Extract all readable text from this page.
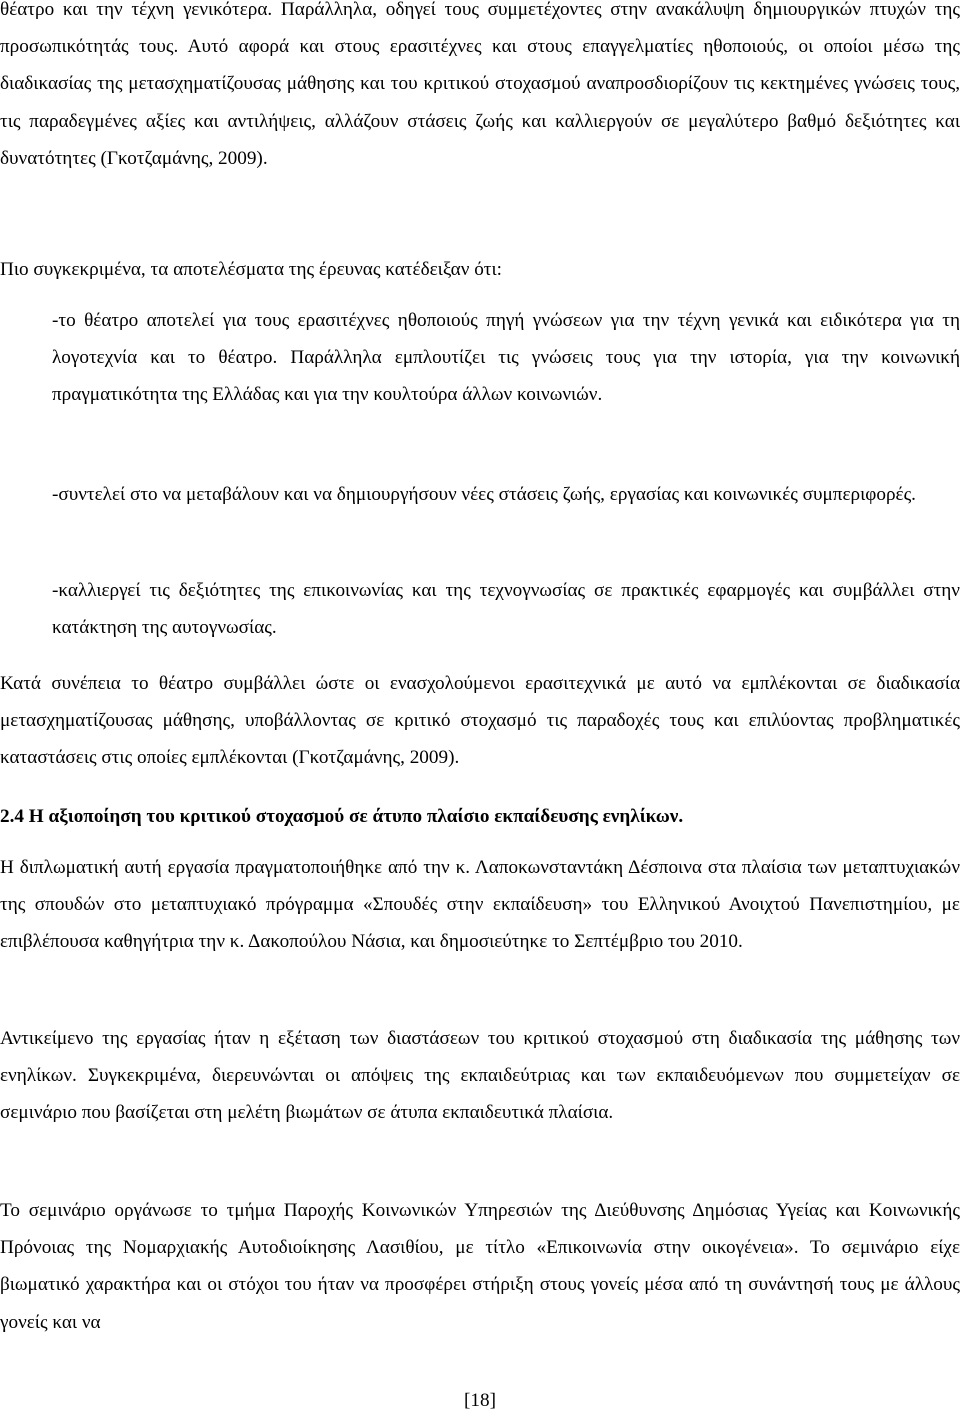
θέατρο και την τέχνη γενικότερα. Παράλληλα, οδηγεί τους συμμετέχοντες στην ανακάλυψη δημιουργικών πτυχών της προσωπικότητάς τους. Αυτό αφορά και στους ερασιτέχνες και στους επαγγελματίες ηθοποιούς, οι οποίοι μέσω της διαδικασίας της μετασχηματίζουσας μάθησης και του κριτικού στοχασμού αναπροσδιορίζουν τις κεκτημένες γνώσεις τους, τις παραδεγμένες αξίες και αντιλήψεις, αλλάζουν στάσεις ζωής και καλλιεργούν σε μεγαλύτερο βαθμό δεξιότητες και δυνατότητες (Γκοτζαμάνης, 2009).

Πιο συγκεκριμένα, τα αποτελέσματα της έρευνας κατέδειξαν ότι:

-το θέατρο αποτελεί για τους ερασιτέχνες ηθοποιούς πηγή γνώσεων για την τέχνη γενικά και ειδικότερα για τη λογοτεχνία και το θέατρο. Παράλληλα εμπλουτίζει τις γνώσεις τους για την ιστορία, για την κοινωνική πραγματικότητα της Ελλάδας και για την κουλτούρα άλλων κοινωνιών.

-συντελεί στο να μεταβάλουν και να δημιουργήσουν νέες στάσεις ζωής, εργασίας και κοινωνικές συμπεριφορές.

-καλλιεργεί τις δεξιότητες της επικοινωνίας και της τεχνογνωσίας σε πρακτικές εφαρμογές και συμβάλλει στην κατάκτηση της αυτογνωσίας.

Κατά συνέπεια το θέατρο συμβάλλει ώστε οι ενασχολούμενοι ερασιτεχνικά με αυτό να εμπλέκονται σε διαδικασία μετασχηματίζουσας μάθησης, υποβάλλοντας σε κριτικό στοχασμό τις παραδοχές τους και επιλύοντας προβληματικές καταστάσεις στις οποίες εμπλέκονται (Γκοτζαμάνης, 2009).

2.4 Η αξιοποίηση του κριτικού στοχασμού σε άτυπο πλαίσιο εκπαίδευσης ενηλίκων.

Η διπλωματική αυτή εργασία πραγματοποιήθηκε από την κ. Λαποκωνσταντάκη Δέσποινα στα πλαίσια των μεταπτυχιακών της σπουδών στο μεταπτυχιακό πρόγραμμα «Σπουδές στην εκπαίδευση» του Ελληνικού Ανοιχτού Πανεπιστημίου, με επιβλέπουσα καθηγήτρια την κ. Δακοπούλου Νάσια, και δημοσιεύτηκε το Σεπτέμβριο του 2010.

Αντικείμενο της εργασίας ήταν η εξέταση των διαστάσεων του κριτικού στοχασμού στη διαδικασία της μάθησης των ενηλίκων. Συγκεκριμένα, διερευνώνται οι απόψεις της εκπαιδεύτριας και των εκπαιδευόμενων που συμμετείχαν σε σεμινάριο που βασίζεται στη μελέτη βιωμάτων σε άτυπα εκπαιδευτικά πλαίσια.

Το σεμινάριο οργάνωσε το τμήμα Παροχής Κοινωνικών Υπηρεσιών της Διεύθυνσης Δημόσιας Υγείας και Κοινωνικής Πρόνοιας της Νομαρχιακής Αυτοδιοίκησης Λασιθίου, με τίτλο «Επικοινωνία στην οικογένεια». Το σεμινάριο είχε βιωματικό χαρακτήρα και οι στόχοι του ήταν να προσφέρει στήριξη στους γονείς μέσα από τη συνάντησή τους με άλλους γονείς και να

[18]
